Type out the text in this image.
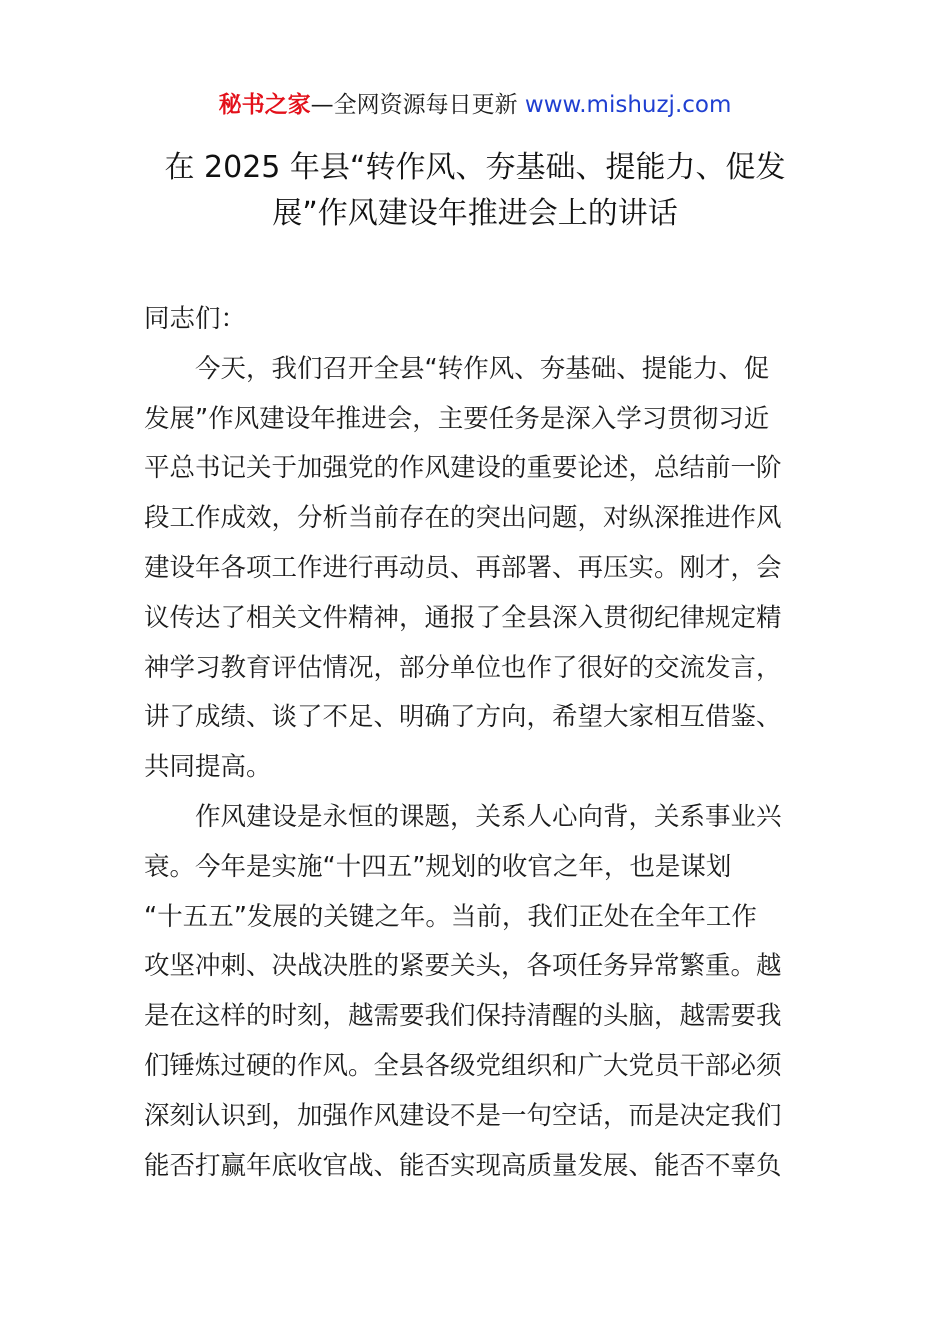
秘书之家—全网资源每日更新 www.mishuzj.com
在 2025 年县“转作风、夯基础、提能力、促发
展”作风建设年推进会上的讲话
同志们：
今天，我们召开全县“转作风、夯基础、提能力、促
发展”作风建设年推进会，主要任务是深入学习贯彻习近
平总书记关于加强党的作风建设的重要论述，总结前一阶
段工作成效，分析当前存在的突出问题，对纵深推进作风
建设年各项工作进行再动员、再部署、再压实。刚才，会
议传达了相关文件精神，通报了全县深入贯彻纪律规定精
神学习教育评估情况，部分单位也作了很好的交流发言，
讲了成绩、谈了不足、明确了方向，希望大家相互借鉴、
共同提高。
作风建设是永恒的课题，关系人心向背，关系事业兴
衰。今年是实施“十四五”规划的收官之年，也是谋划
“十五五”发展的关键之年。当前，我们正处在全年工作
攻坚冲刺、决战决胜的紧要关头，各项任务异常繁重。越
是在这样的时刻，越需要我们保持清醒的头脑，越需要我
们锤炼过硬的作风。全县各级党组织和广大党员干部必须
深刻认识到，加强作风建设不是一句空话，而是决定我们
能否打赢年底收官战、能否实现高质量发展、能否不辜负
